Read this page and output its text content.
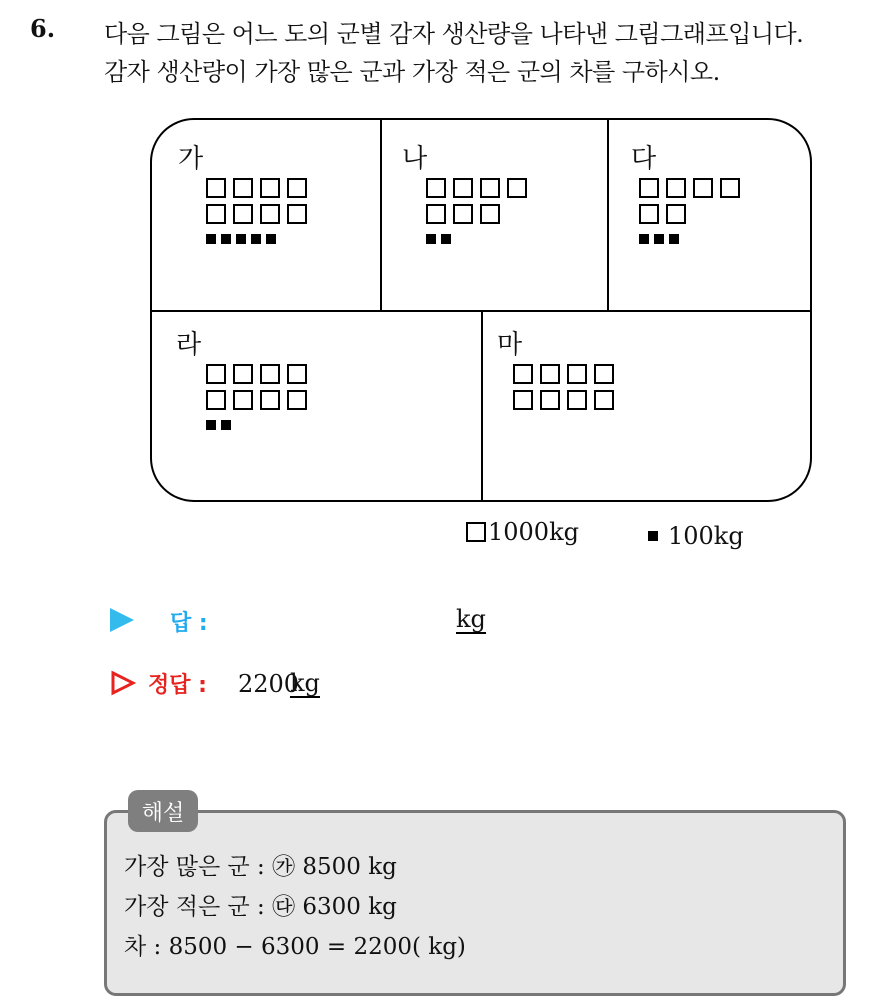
6. 다음 그림은 어느 도의 군별 감자 생산량을 나타낸 그림그래프입니다.
감자 생산량이 가장 많은 군과 가장 적은 군의 차를 구하시오.
가	나	다
라	마
1000kg	100kg
답 :	kg
정답 : 2200
kg
해설
가장 많은 군 : ㉮ 8500 kg
가장 적은 군 : ㉰ 6300 kg
차 : 8500 − 6300 = 2200( kg)
